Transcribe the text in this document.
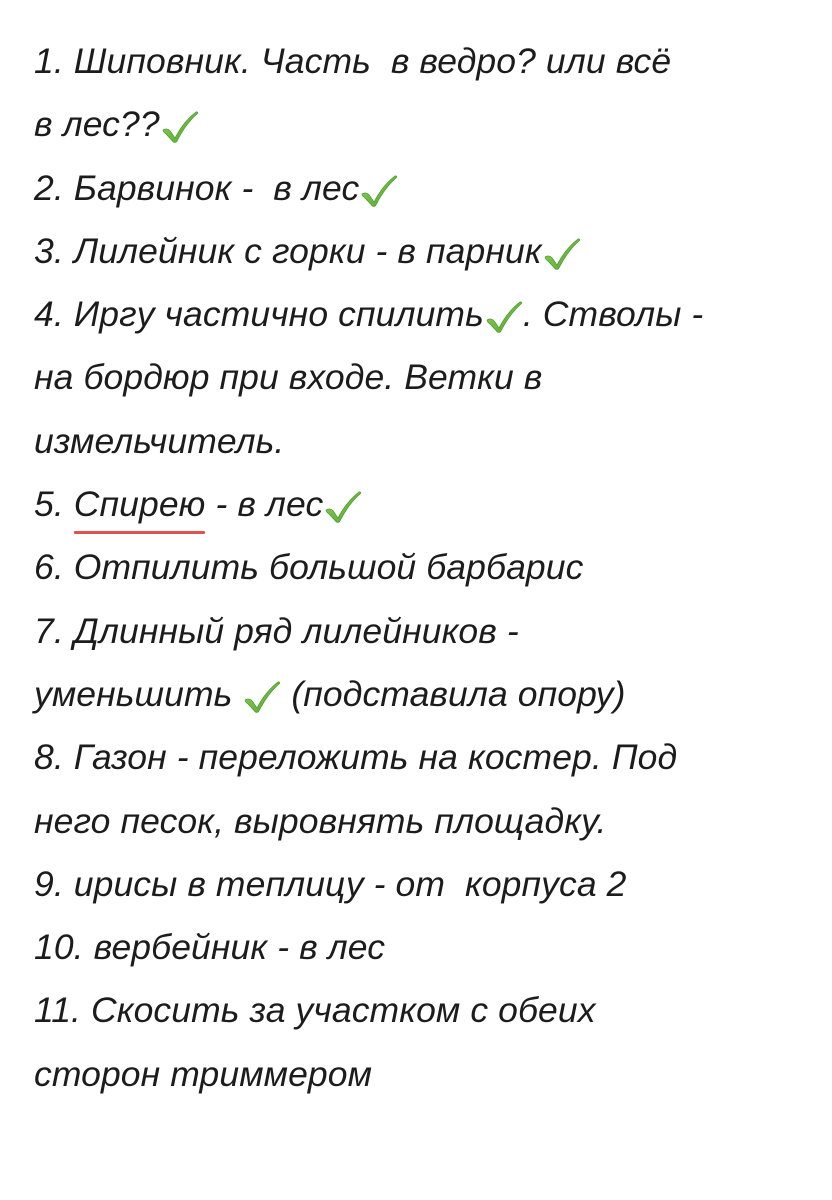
1. Шиповник. Часть  в ведро? или всё
в лес??
2. Барвинок -  в лес
3. Лилейник с горки - в парник
4. Иргу частично спилить . Стволы -
на бордюр при входе. Ветки в
измельчитель.
5. Спирею - в лес
6. Отпилить большой барбарис
7. Длинный ряд лилейников -
уменьшить
(подставила опору)
8. Газон - переложить на костер. Под
него песок, выровнять площадку.
9. ирисы в теплицу - от  корпуса 2
10. вербейник - в лес
11. Скосить за участком с обеих
сторон триммером
